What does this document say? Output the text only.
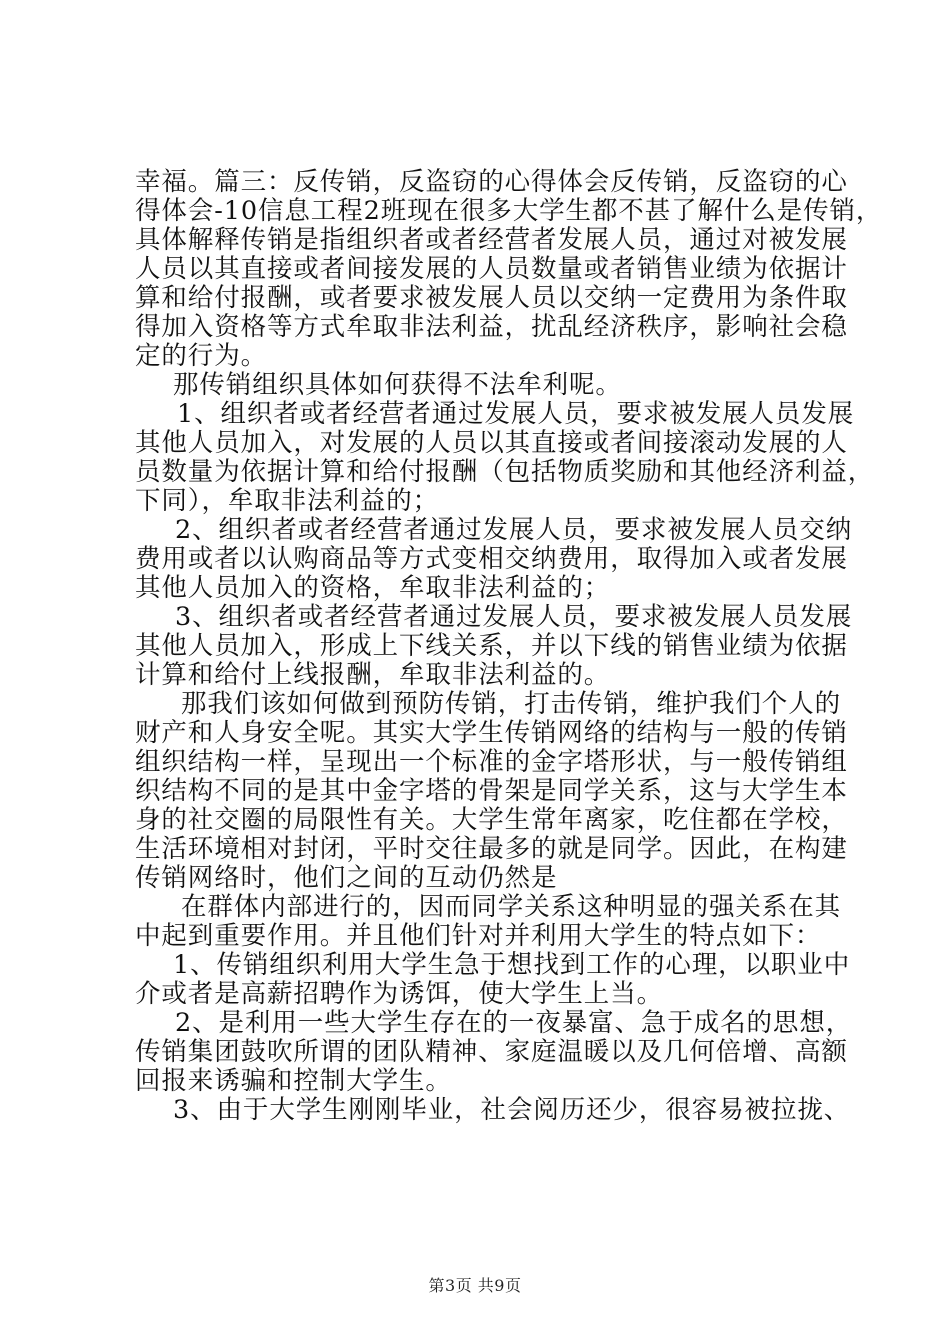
幸福。篇三：反传销，反盗窃的心得体会反传销，反盗窃的心
得体会-10信息工程2班现在很多大学生都不甚了解什么是传销，
具体解释传销是指组织者或者经营者发展人员，通过对被发展
人员以其直接或者间接发展的人员数量或者销售业绩为依据计
算和给付报酬，或者要求被发展人员以交纳一定费用为条件取
得加入资格等方式牟取非法利益，扰乱经济秩序，影响社会稳
定的行为。
那传销组织具体如何获得不法牟利呢。
1、组织者或者经营者通过发展人员，要求被发展人员发展
其他人员加入，对发展的人员以其直接或者间接滚动发展的人
员数量为依据计算和给付报酬（包括物质奖励和其他经济利益，
下同），牟取非法利益的；
2、组织者或者经营者通过发展人员，要求被发展人员交纳
费用或者以认购商品等方式变相交纳费用，取得加入或者发展
其他人员加入的资格，牟取非法利益的；
3、组织者或者经营者通过发展人员，要求被发展人员发展
其他人员加入，形成上下线关系，并以下线的销售业绩为依据
计算和给付上线报酬，牟取非法利益的。
那我们该如何做到预防传销，打击传销，维护我们个人的
财产和人身安全呢。其实大学生传销网络的结构与一般的传销
组织结构一样，呈现出一个标准的金字塔形状，与一般传销组
织结构不同的是其中金字塔的骨架是同学关系，这与大学生本
身的社交圈的局限性有关。大学生常年离家，吃住都在学校，
生活环境相对封闭，平时交往最多的就是同学。因此，在构建
传销网络时，他们之间的互动仍然是
在群体内部进行的，因而同学关系这种明显的强关系在其
中起到重要作用。并且他们针对并利用大学生的特点如下：
1、传销组织利用大学生急于想找到工作的心理，以职业中
介或者是高薪招聘作为诱饵，使大学生上当。
2、是利用一些大学生存在的一夜暴富、急于成名的思想，
传销集团鼓吹所谓的团队精神、家庭温暖以及几何倍增、高额
回报来诱骗和控制大学生。
3、由于大学生刚刚毕业，社会阅历还少，很容易被拉拢、
第3页 共9页
